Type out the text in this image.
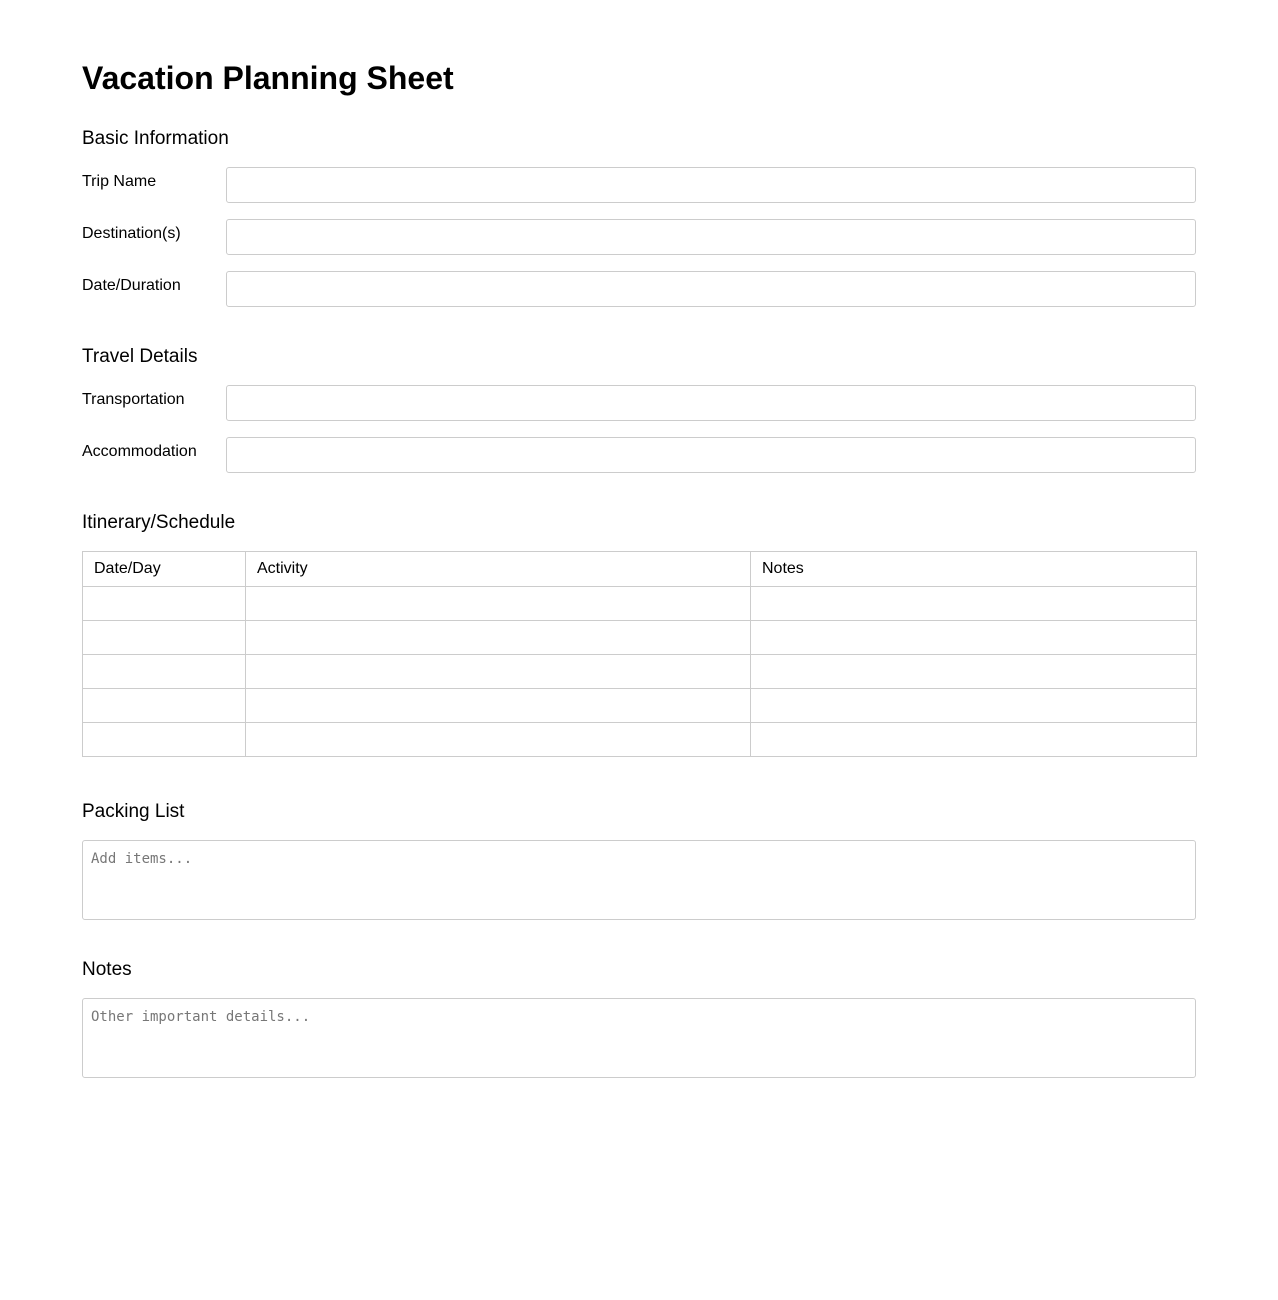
Vacation Planning Sheet
Basic Information
Trip Name
Destination(s)
Date/Duration
Travel Details
Transportation
Accommodation
Itinerary/Schedule
Date/Day	Activity	Notes

Packing List
Add items...
Notes
Other important details...
